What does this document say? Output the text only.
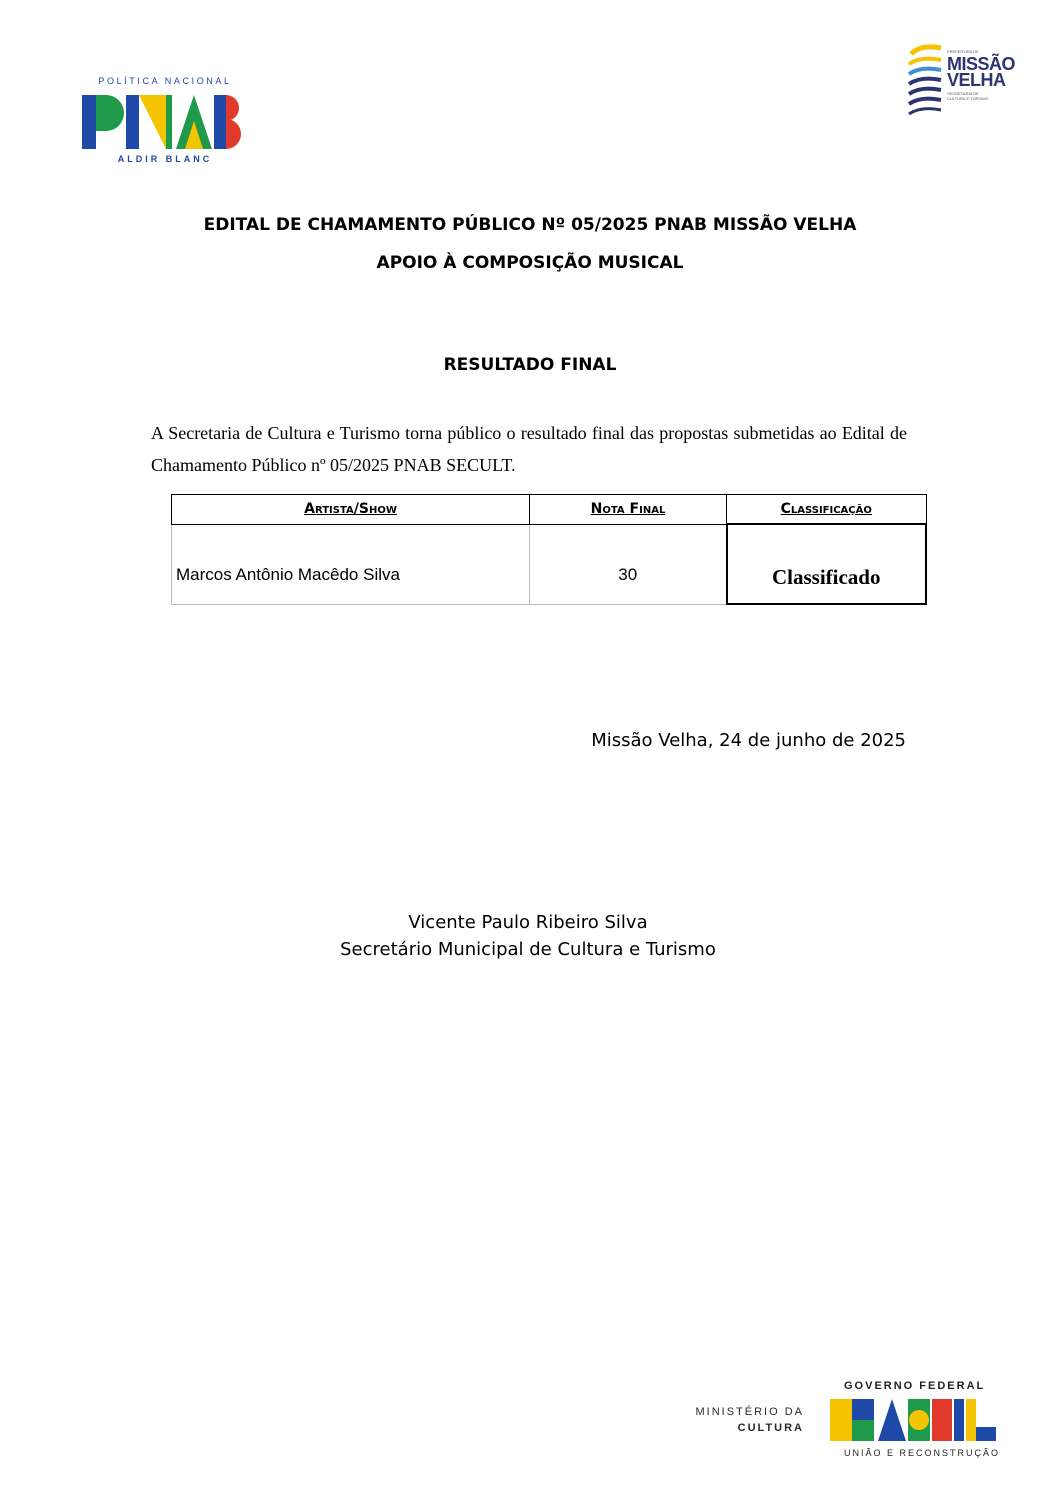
POLÍTICA NACIONAL
ALDIR BLANC
PREFEITURA DE
MISSÃO
VELHA
SECRETARIA DE
CULTURA E TURISMO
EDITAL DE CHAMAMENTO PÚBLICO Nº 05/2025 PNAB MISSÃO VELHA
APOIO À COMPOSIÇÃO MUSICAL
RESULTADO FINAL
A Secretaria de Cultura e Turismo torna público o resultado final das propostas submetidas ao Edital de Chamamento Público nº 05/2025 PNAB SECULT.
Artista/Show	Nota Final	Classificação
Marcos Antônio Macêdo Silva	30	Classificado
Missão Velha, 24 de junho de 2025
Vicente Paulo Ribeiro Silva
Secretário Municipal de Cultura e Turismo
MINISTÉRIO DA
CULTURA
GOVERNO FEDERAL
UNIÃO E RECONSTRUÇÃO
